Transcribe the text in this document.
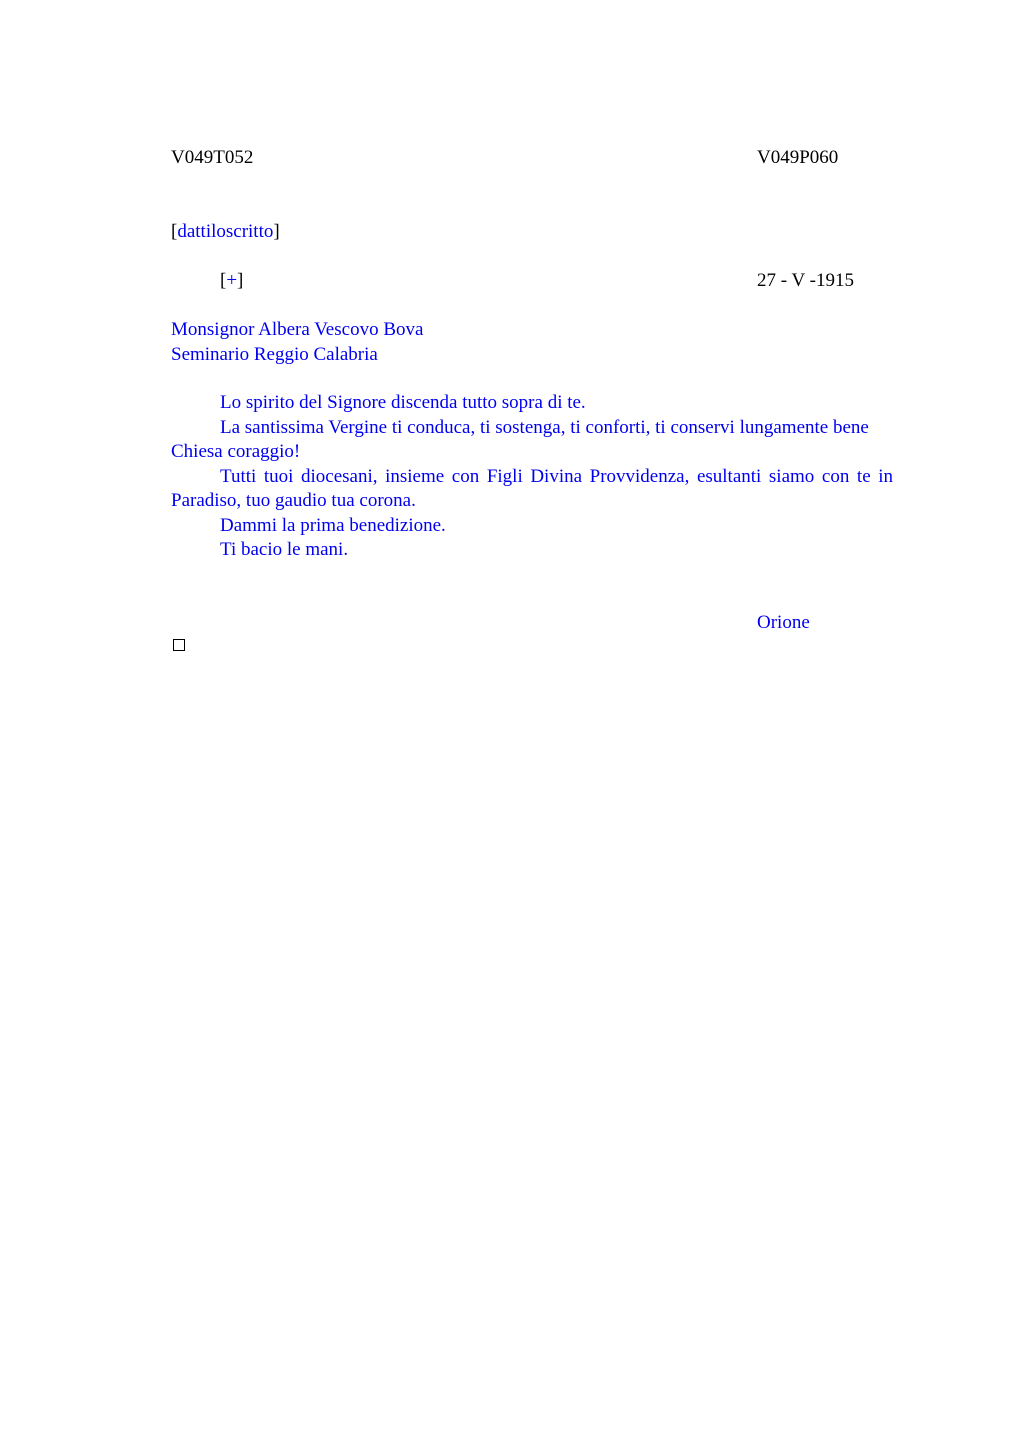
V049T052	V049P060
[dattiloscritto]
[+]	27 - V -1915
Monsignor Albera Vescovo Bova
Seminario Reggio Calabria

Lo spirito del Signore discenda tutto sopra di te.

La santissima Vergine ti conduca, ti sostenga, ti conforti, ti conservi lungamente bene

Chiesa coraggio!

Tutti tuoi diocesani, insieme con Figli Divina Provvidenza, esultanti siamo con te in Paradiso, tuo gaudio tua corona.

Dammi la prima benedizione.

Ti bacio le mani.

Orione
